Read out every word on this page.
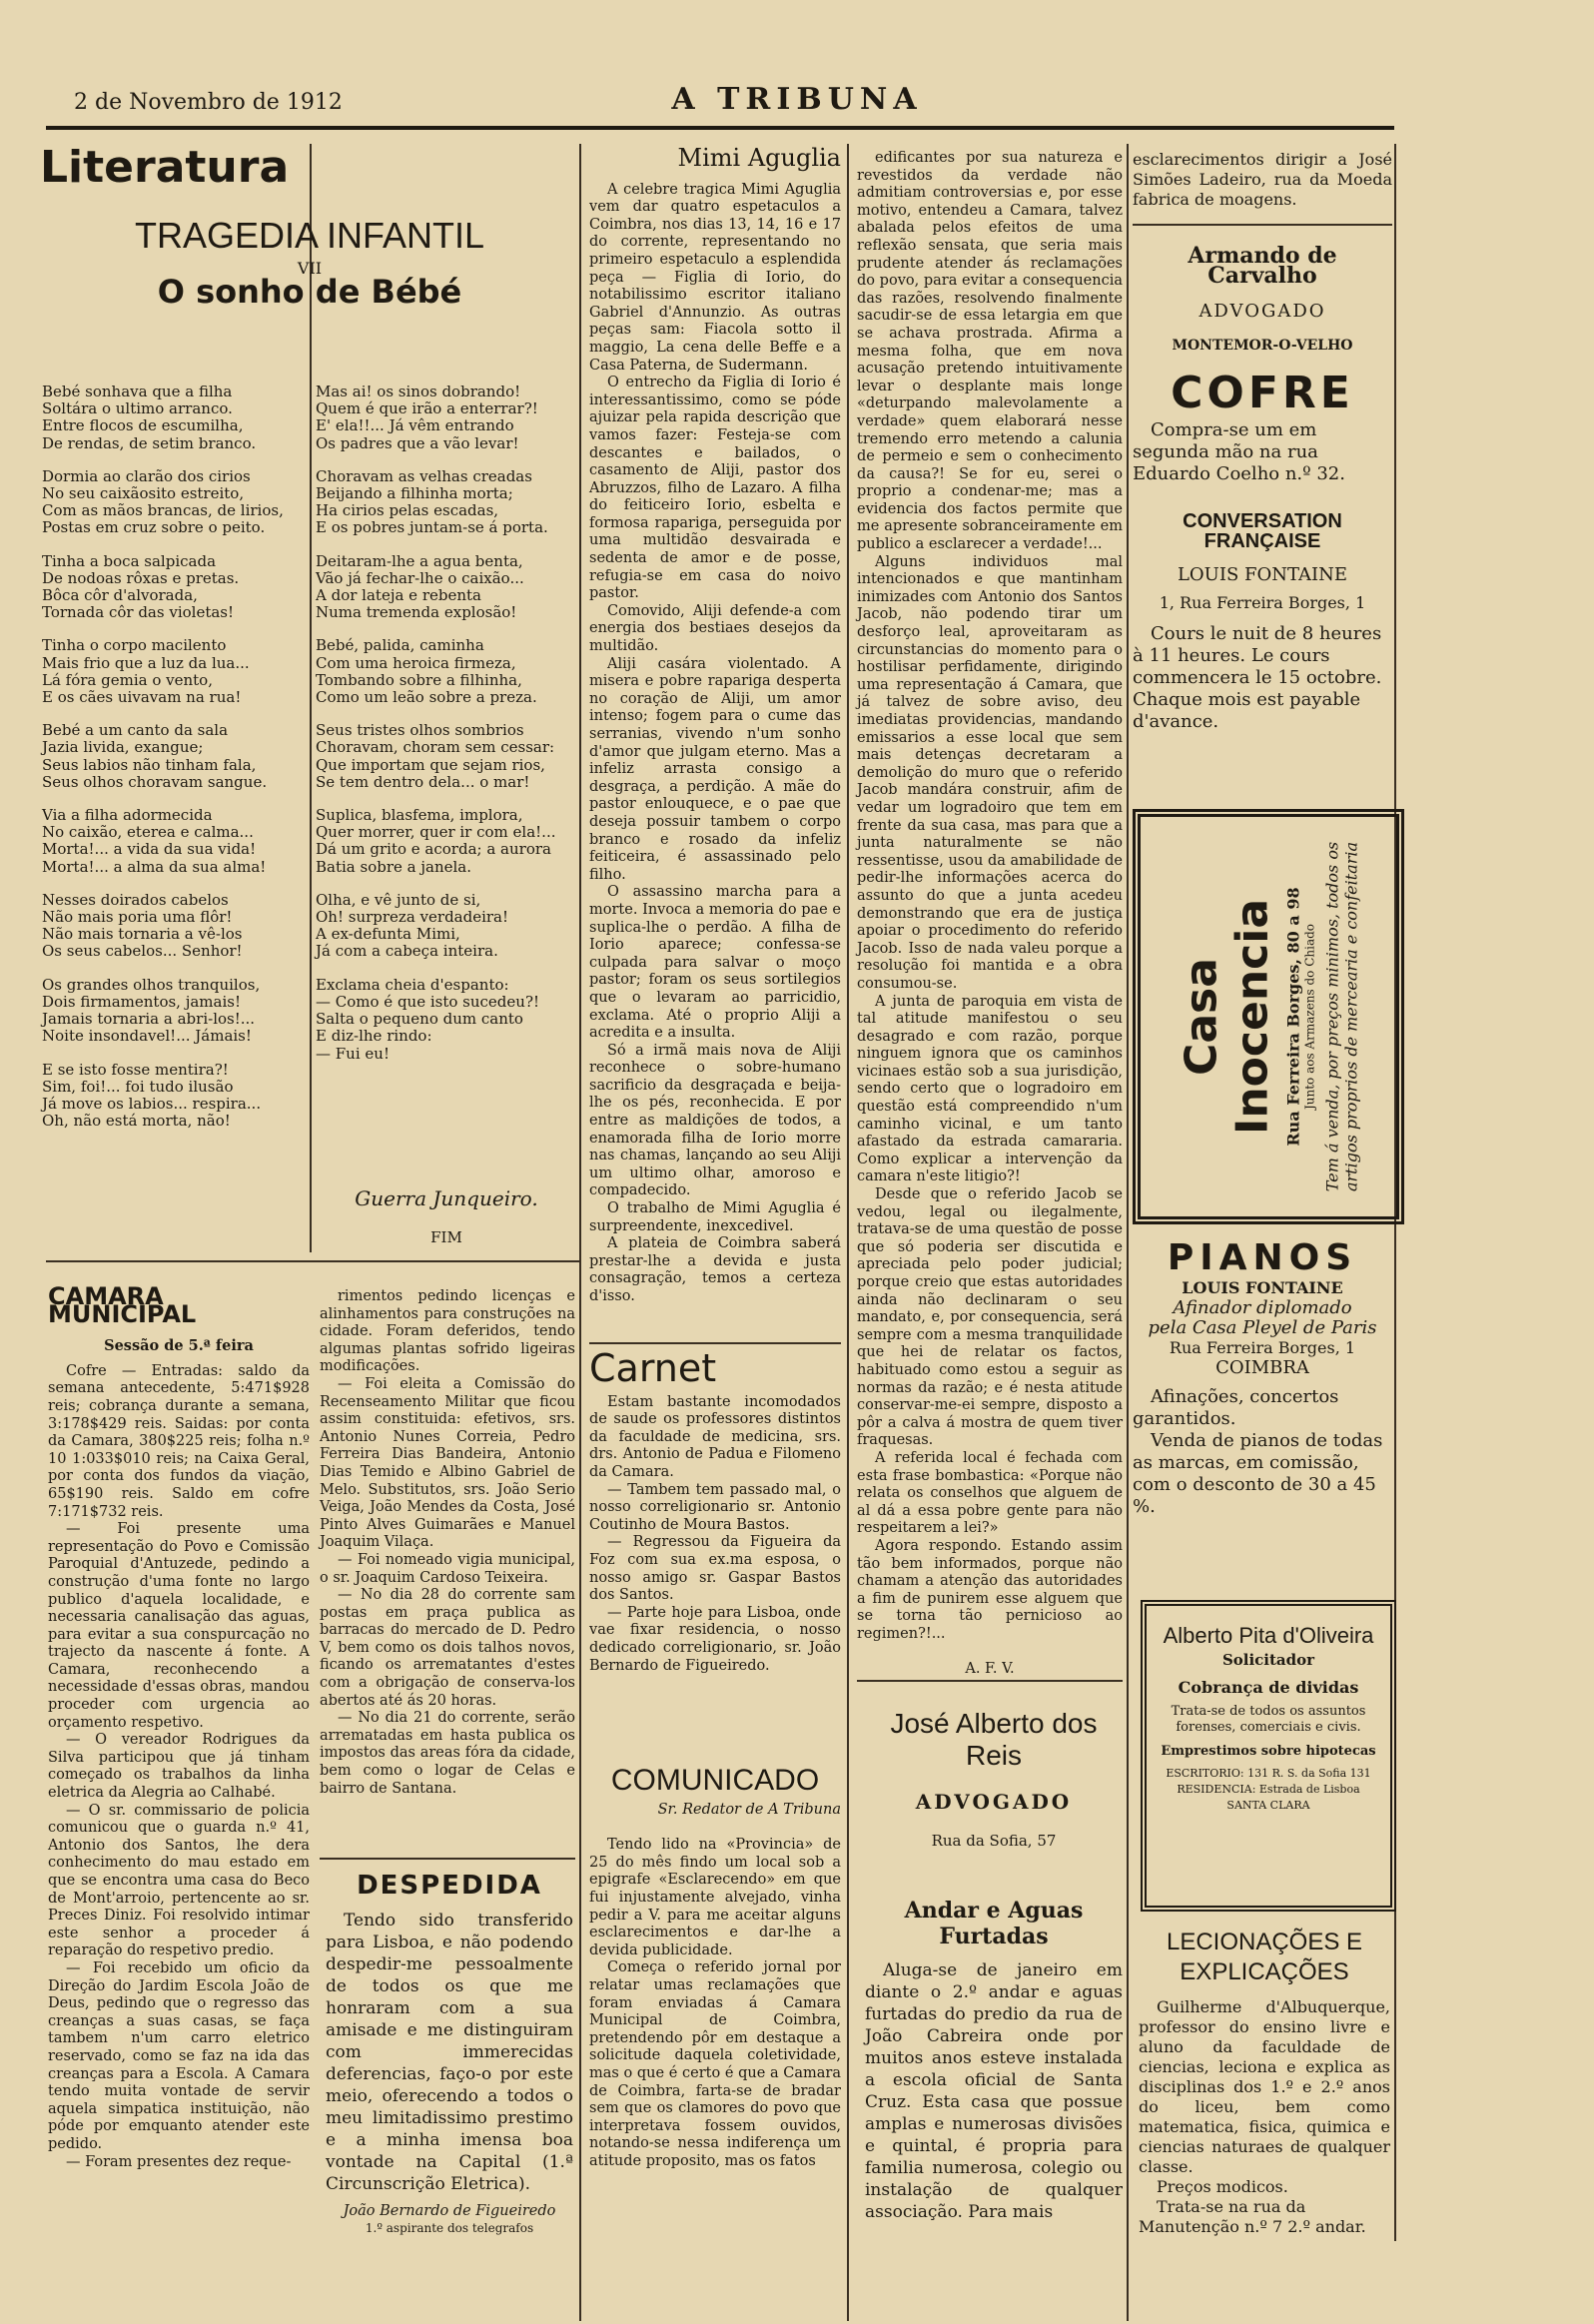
2 de Novembro de 1912	A TRIBUNA
Literatura
TRAGEDIA INFANTIL
VII
O sonho de Bébé
Bebé sonhava que a filha
Soltára o ultimo arranco.
Entre flocos de escumilha,
De rendas, de setim branco.
Dormia ao clarão dos cirios
No seu caixãosito estreito,
Com as mãos brancas, de lirios,
Postas em cruz sobre o peito.
Tinha a boca salpicada
De nodoas rôxas e pretas.
Bôca côr d'alvorada,
Tornada côr das violetas!
Tinha o corpo macilento
Mais frio que a luz da lua...
Lá fóra gemia o vento,
E os cães uivavam na rua!
Bebé a um canto da sala
Jazia livida, exangue;
Seus labios não tinham fala,
Seus olhos choravam sangue.
Via a filha adormecida
No caixão, eterea e calma...
Morta!... a vida da sua vida!
Morta!... a alma da sua alma!
Nesses doirados cabelos
Não mais poria uma flôr!
Não mais tornaria a vê-los
Os seus cabelos... Senhor!
Os grandes olhos tranquilos,
Dois firmamentos, jamais!
Jamais tornaria a abri-los!...
Noite insondavel!... Jámais!
E se isto fosse mentira?!
Sim, foi!... foi tudo ilusão
Já move os labios... respira...
Oh, não está morta, não!
Mas ai! os sinos dobrando!
Quem é que irão a enterrar?!
E' ela!!... Já vêm entrando
Os padres que a vão levar!
Choravam as velhas creadas
Beijando a filhinha morta;
Ha cirios pelas escadas,
E os pobres juntam-se á porta.
Deitaram-lhe a agua benta,
Vão já fechar-lhe o caixão...
A dor lateja e rebenta
Numa tremenda explosão!
Bebé, palida, caminha
Com uma heroica firmeza,
Tombando sobre a filhinha,
Como um leão sobre a preza.
Seus tristes olhos sombrios
Choravam, choram sem cessar:
Que importam que sejam rios,
Se tem dentro dela... o mar!
Suplica, blasfema, implora,
Quer morrer, quer ir com ela!...
Dá um grito e acorda; a aurora
Batia sobre a janela.
Olha, e vê junto de si,
Oh! surpreza verdadeira!
A ex-defunta Mimi,
Já com a cabeça inteira.
Exclama cheia d'espanto:
— Como é que isto sucedeu?!
Salta o pequeno dum canto
E diz-lhe rindo:
— Fui eu!
Guerra Junqueiro.
FIM
Mimi Aguglia

A celebre tragica Mimi Aguglia vem dar quatro espetaculos a Coimbra, nos dias 13, 14, 16 e 17 do corrente, representando no primeiro espetaculo a esplendida peça — Figlia di Iorio, do notabilissimo escritor italiano Gabriel d'Annunzio. As outras peças sam: Fiacola sotto il maggio, La cena delle Beffe e a Casa Paterna, de Sudermann.

O entrecho da Figlia di Iorio é interessantissimo, como se póde ajuizar pela rapida descrição que vamos fazer: Festeja-se com descantes e bailados, o casamento de Aliji, pastor dos Abruzzos, filho de Lazaro. A filha do feiticeiro Iorio, esbelta e formosa rapariga, perseguida por uma multidão desvairada e sedenta de amor e de posse, refugia-se em casa do noivo pastor.

Comovido, Aliji defende-a com energia dos bestiaes desejos da multidão.

Aliji casára violentado. A misera e pobre rapariga desperta no coração de Aliji, um amor intenso; fogem para o cume das serranias, vivendo n'um sonho d'amor que julgam eterno. Mas a infeliz arrasta consigo a desgraça, a perdição. A mãe do pastor enlouquece, e o pae que deseja possuir tambem o corpo branco e rosado da infeliz feiticeira, é assassinado pelo filho.

O assassino marcha para a morte. Invoca a memoria do pae e suplica-lhe o perdão. A filha de Iorio aparece; confessa-se culpada para salvar o moço pastor; foram os seus sortilegios que o levaram ao parricidio, exclama. Até o proprio Aliji a acredita e a insulta.

Só a irmã mais nova de Aliji reconhece o sobre-humano sacrificio da desgraçada e beija-lhe os pés, reconhecida. E por entre as maldições de todos, a enamorada filha de Iorio morre nas chamas, lançando ao seu Aliji um ultimo olhar, amoroso e compadecido.

O trabalho de Mimi Aguglia é surpreendente, inexcedivel.

A plateia de Coimbra saberá prestar-lhe a devida e justa consagração, temos a certeza d'isso.

Carnet

Estam bastante incomodados de saude os professores distintos da faculdade de medicina, srs. drs. Antonio de Padua e Filomeno da Camara.

— Tambem tem passado mal, o nosso correligionario sr. Antonio Coutinho de Moura Bastos.

— Regressou da Figueira da Foz com sua ex.ma esposa, o nosso amigo sr. Gaspar Bastos dos Santos.

— Parte hoje para Lisboa, onde vae fixar residencia, o nosso dedicado correligionario, sr. João Bernardo de Figueiredo.

COMUNICADO
Sr. Redator de A Tribuna

Tendo lido na «Provincia» de 25 do mês findo um local sob a epigrafe «Esclarecendo» em que fui injustamente alvejado, vinha pedir a V. para me aceitar alguns esclarecimentos e dar-lhe a devida publicidade.

Começa o referido jornal por relatar umas reclamações que foram enviadas á Camara Municipal de Coimbra, pretendendo pôr em destaque a solicitude daquela coletividade, mas o que é certo é que a Camara de Coimbra, farta-se de bradar sem que os clamores do povo que interpretava fossem ouvidos, notando-se nessa indiferença um atitude proposito, mas os fatos

edificantes por sua natureza e revestidos da verdade não admitiam controversias e, por esse motivo, entendeu a Camara, talvez abalada pelos efeitos de uma reflexão sensata, que seria mais prudente atender ás reclamações do povo, para evitar a consequencia das razões, resolvendo finalmente sacudir-se de essa letargia em que se achava prostrada. Afirma a mesma folha, que em nova acusação pretendo intuitivamente levar o desplante mais longe «deturpando malevolamente a verdade» quem elaborará nesse tremendo erro metendo a calunia de permeio e sem o conhecimento da causa?! Se for eu, serei o proprio a condenar-me; mas a evidencia dos factos permite que me apresente sobranceiramente em publico a esclarecer a verdade!...

Alguns individuos mal intencionados e que mantinham inimizades com Antonio dos Santos Jacob, não podendo tirar um desforço leal, aproveitaram as circunstancias do momento para o hostilisar perfidamente, dirigindo uma representação á Camara, que já talvez de sobre aviso, deu imediatas providencias, mandando emissarios a esse local que sem mais detenças decretaram a demolição do muro que o referido Jacob mandára construir, afim de vedar um logradoiro que tem em frente da sua casa, mas para que a junta naturalmente se não ressentisse, usou da amabilidade de pedir-lhe informações acerca do assunto do que a junta acedeu demonstrando que era de justiça apoiar o procedimento do referido Jacob. Isso de nada valeu porque a resolução foi mantida e a obra consumou-se.

A junta de paroquia em vista de tal atitude manifestou o seu desagrado e com razão, porque ninguem ignora que os caminhos vicinaes estão sob a sua jurisdição, sendo certo que o logradoiro em questão está compreendido n'um caminho vicinal, e um tanto afastado da estrada camararia. Como explicar a intervenção da camara n'este litigio?!

Desde que o referido Jacob se vedou, legal ou ilegalmente, tratava-se de uma questão de posse que só poderia ser discutida e apreciada pelo poder judicial; porque creio que estas autoridades ainda não declinaram o seu mandato, e, por consequencia, será sempre com a mesma tranquilidade que hei de relatar os factos, habituado como estou a seguir as normas da razão; e é nesta atitude conservar-me-ei sempre, disposto a pôr a calva á mostra de quem tiver fraquesas.

A referida local é fechada com esta frase bombastica: «Porque não relata os conselhos que alguem de al dá a essa pobre gente para não respeitarem a lei?»

Agora respondo. Estando assim tão bem informados, porque não chamam a atenção das autoridades a fim de punirem esse alguem que se torna tão pernicioso ao regimen?!...

A. F. V.
José Alberto dos Reis
ADVOGADO
Rua da Sofia, 57
Andar e Aguas Furtadas
Aluga-se de janeiro em diante o 2.º andar e aguas furtadas do predio da rua de João Cabreira onde por muitos anos esteve instalada a escola oficial de Santa Cruz. Esta casa que possue amplas e numerosas divisões e quintal, é propria para familia numerosa, colegio ou instalação de qualquer associação. Para mais
CAMARA MUNICIPAL
Sessão de 5.ª feira

Cofre — Entradas: saldo da semana antecedente, 5:471$928 reis; cobrança durante a semana, 3:178$429 reis. Saidas: por conta da Camara, 380$225 reis; folha n.º 10 1:033$010 reis; na Caixa Geral, por conta dos fundos da viação, 65$190 reis. Saldo em cofre 7:171$732 reis.

— Foi presente uma representação do Povo e Comissão Paroquial d'Antuzede, pedindo a construção d'uma fonte no largo publico d'aquela localidade, e necessaria canalisação das aguas, para evitar a sua conspurcação no trajecto da nascente á fonte. A Camara, reconhecendo a necessidade d'essas obras, mandou proceder com urgencia ao orçamento respetivo.

— O vereador Rodrigues da Silva participou que já tinham começado os trabalhos da linha eletrica da Alegria ao Calhabé.

— O sr. commissario de policia comunicou que o guarda n.º 41, Antonio dos Santos, lhe dera conhecimento do mau estado em que se encontra uma casa do Beco de Mont'arroio, pertencente ao sr. Preces Diniz. Foi resolvido intimar este senhor a proceder á reparação do respetivo predio.

— Foi recebido um oficio da Direção do Jardim Escola João de Deus, pedindo que o regresso das creanças a suas casas, se faça tambem n'um carro eletrico reservado, como se faz na ida das creanças para a Escola. A Camara tendo muita vontade de servir aquela simpatica instituição, não póde por emquanto atender este pedido.

— Foram presentes dez reque-

rimentos pedindo licenças e alinhamentos para construções na cidade. Foram deferidos, tendo algumas plantas sofrido ligeiras modificações.

— Foi eleita a Comissão do Recenseamento Militar que ficou assim constituida: efetivos, srs. Antonio Nunes Correia, Pedro Ferreira Dias Bandeira, Antonio Dias Temido e Albino Gabriel de Melo. Substitutos, srs. João Serio Veiga, João Mendes da Costa, José Pinto Alves Guimarães e Manuel Joaquim Vilaça.

— Foi nomeado vigia municipal, o sr. Joaquim Cardoso Teixeira.

— No dia 28 do corrente sam postas em praça publica as barracas do mercado de D. Pedro V, bem como os dois talhos novos, ficando os arrematantes d'estes com a obrigação de conserva-los abertos até ás 20 horas.

— No dia 21 do corrente, serão arrematadas em hasta publica os impostos das areas fóra da cidade, bem como o logar de Celas e bairro de Santana.

DESPEDIDA

Tendo sido transferido para Lisboa, e não podendo despedir-me pessoalmente de todos os que me honraram com a sua amisade e me distinguiram com immerecidas deferencias, faço-o por este meio, oferecendo a todos o meu limitadissimo prestimo e a minha imensa boa vontade na Capital (1.ª Circunscrição Eletrica).

João Bernardo de Figueiredo
1.º aspirante dos telegrafos
esclarecimentos dirigir a José Simões Ladeiro, rua da Moeda fabrica de moagens.
Armando de Carvalho
ADVOGADO
MONTEMOR-O-VELHO
COFRE
Compra-se um em segunda mão na rua Eduardo Coelho n.º 32.
CONVERSATION FRANÇAISE
LOUIS FONTAINE
1, Rua Ferreira Borges, 1
Cours le nuit de 8 heures à 11 heures. Le cours commencera le 15 octobre. Chaque mois est payable d'avance.
Casa Inocencia Rua Ferreira Borges, 80 a 98 Junto aos Armazens do Chiado Tem á venda, por preços minimos, todos os artigos proprios de mercearia e confeitaria
PIANOS
LOUIS FONTAINE
Afinador diplomado
pela Casa Pleyel de Paris
Rua Ferreira Borges, 1
COIMBRA
Afinações, concertos garantidos.
Venda de pianos de todas as marcas, em comissão, com o desconto de 30 a 45 %.
Alberto Pita d'Oliveira
Solicitador
Cobrança de dividas
Trata-se de todos os assuntos forenses, comerciais e civis.
Emprestimos sobre hipotecas
ESCRITORIO: 131 R. S. da Sofia 131
RESIDENCIA: Estrada de Lisboa
SANTA CLARA
LECIONAÇÕES E EXPLICAÇÕES
Guilherme d'Albuquerque, professor do ensino livre e aluno da faculdade de ciencias, leciona e explica as disciplinas dos 1.º e 2.º anos do liceu, bem como matematica, fisica, quimica e ciencias naturaes de qualquer classe.
Preços modicos.
Trata-se na rua da Manutenção n.º 7 2.º andar.
